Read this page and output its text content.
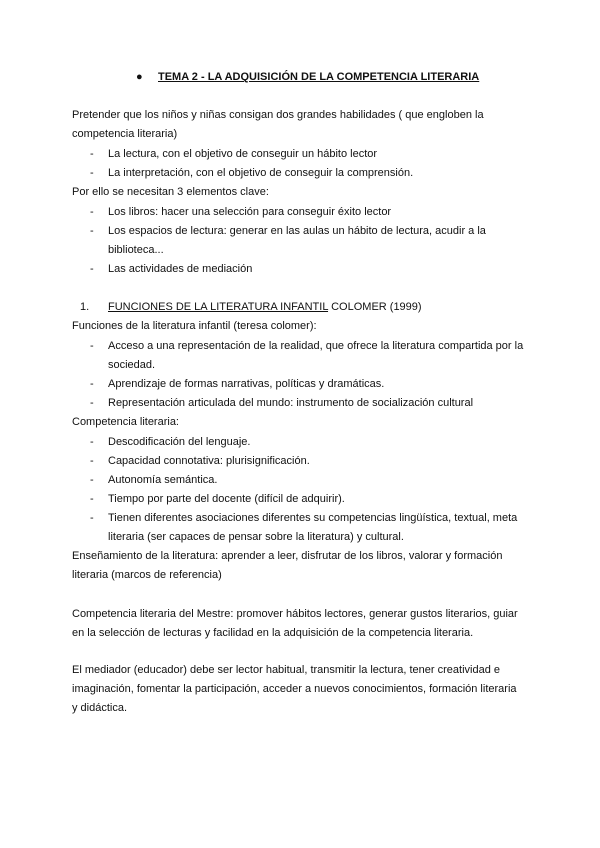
● TEMA 2 - LA ADQUISICIÓN DE LA COMPETENCIA LITERARIA
Pretender que los niños y niñas consigan dos grandes habilidades ( que engloben la
competencia literaria)
-	La lectura, con el objetivo de conseguir un hábito lector
-	La interpretación, con el objetivo de conseguir la comprensión.
Por ello se necesitan 3 elementos clave:
-	Los libros: hacer una selección para conseguir éxito lector
-	Los espacios de lectura: generar en las aulas un hábito de lectura, acudir a la
biblioteca...
-	Las actividades de mediación
1. FUNCIONES DE LA LITERATURA INFANTIL COLOMER (1999)
Funciones de la literatura infantil (teresa colomer):
-	Acceso a una representación de la realidad, que ofrece la literatura compartida por la
sociedad.
-	Aprendizaje de formas narrativas, políticas y dramáticas.
-	Representación articulada del mundo: instrumento de socialización cultural
Competencia literaria:
-	Descodificación del lenguaje.
-	Capacidad connotativa: plurisignificación.
-	Autonomía semántica.
-	Tiempo por parte del docente (difícil de adquirir).
-	Tienen diferentes asociaciones diferentes su competencias lingüística, textual, meta
literaria (ser capaces de pensar sobre la literatura) y cultural.
Enseñamiento de la literatura: aprender a leer, disfrutar de los libros, valorar y formación
literaria (marcos de referencia)
Competencia literaria del Mestre: promover hábitos lectores, generar gustos literarios, guiar
en la selección de lecturas y facilidad en la adquisición de la competencia literaria.
El mediador (educador) debe ser lector habitual, transmitir la lectura, tener creatividad e
imaginación, fomentar la participación, acceder a nuevos conocimientos, formación literaria
y didáctica.
